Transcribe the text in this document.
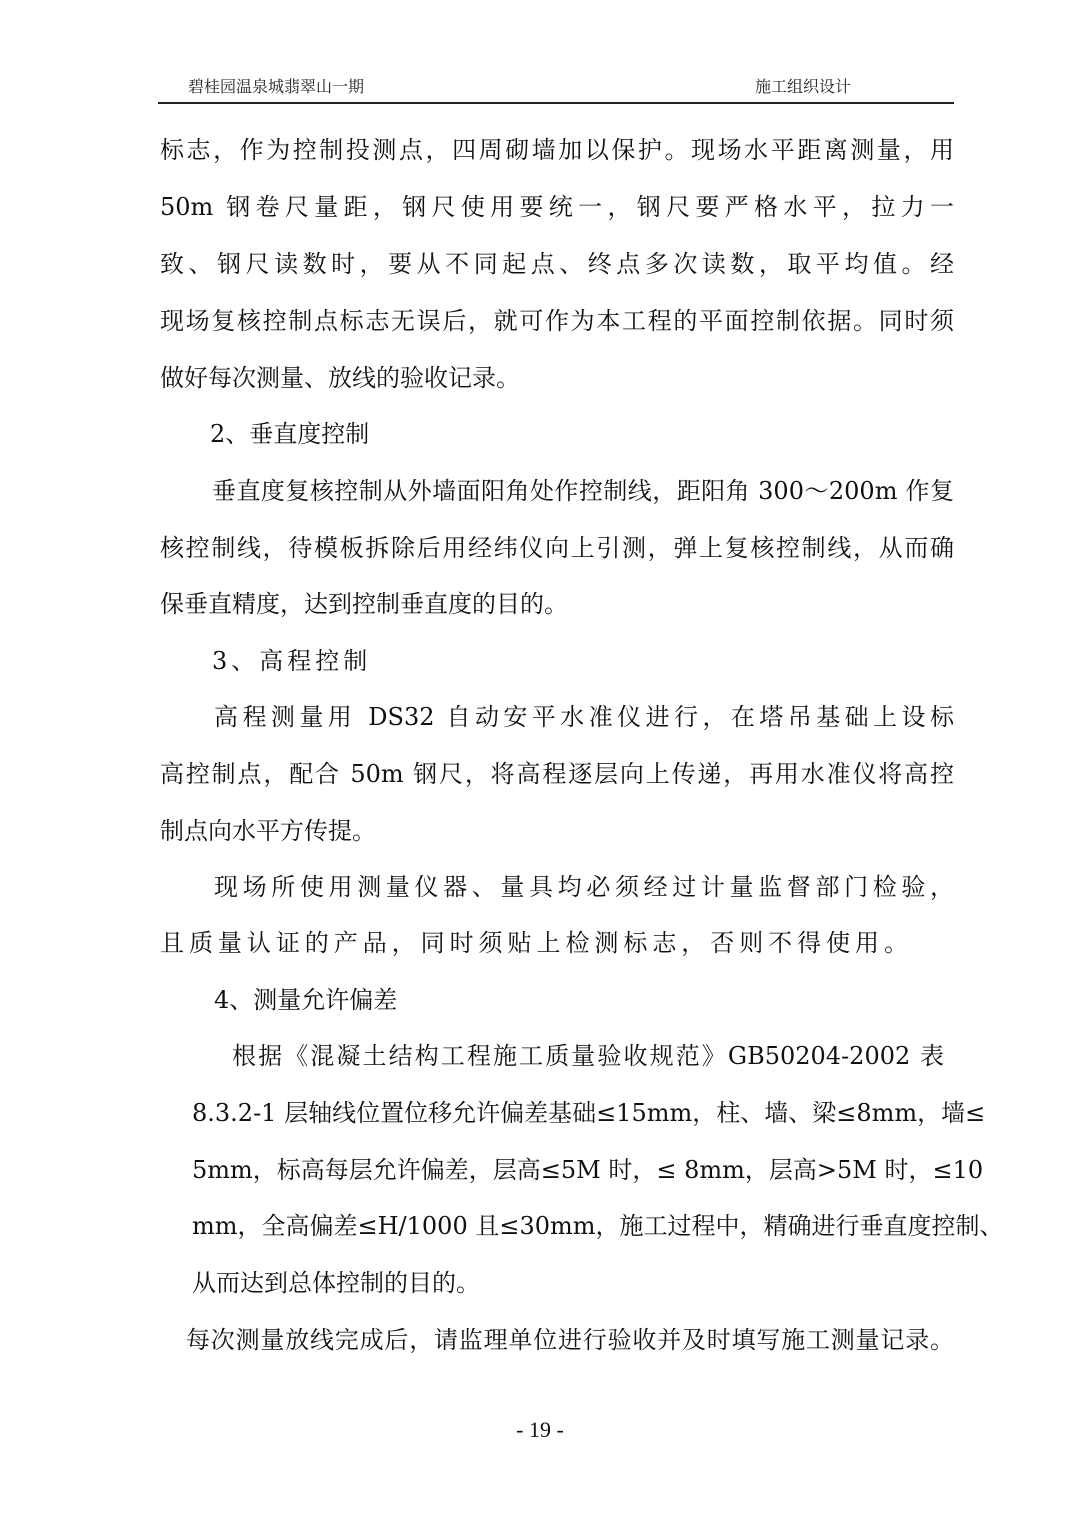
碧桂园温泉城翡翠山一期	施工组织设计
标志，作为控制投测点，四周砌墙加以保护。现场水平距离测量，用
50m 钢卷尺量距，钢尺使用要统一，钢尺要严格水平，拉力一
致、钢尺读数时，要从不同起点、终点多次读数，取平均值。经
现场复核控制点标志无误后，就可作为本工程的平面控制依据。同时须
做好每次测量、放线的验收记录。
2、垂直度控制
垂直度复核控制从外墙面阳角处作控制线，距阳角 300～200m 作复
核控制线，待模板拆除后用经纬仪向上引测，弹上复核控制线，从而确
保垂直精度，达到控制垂直度的目的。
3、高程控制
高程测量用 DS32 自动安平水准仪进行，在塔吊基础上设标
高控制点，配合 50m 钢尺，将高程逐层向上传递，再用水准仪将高控
制点向水平方传提。
现场所使用测量仪器、量具均必须经过计量监督部门检验，
且质量认证的产品，同时须贴上检测标志，否则不得使用。
4、测量允许偏差
根据《混凝土结构工程施工质量验收规范》GB50204-2002 表
8.3.2-1 层轴线位置位移允许偏差基础≤15mm，柱、墙、梁≤8mm，墙≤
5mm，标高每层允许偏差，层高≤5M 时，≤ 8mm，层高>5M 时，≤10
mm，全高偏差≤H/1000 且≤30mm，施工过程中，精确进行垂直度控制、
从而达到总体控制的目的。
每次测量放线完成后，请监理单位进行验收并及时填写施工测量记录。
- 19 -
